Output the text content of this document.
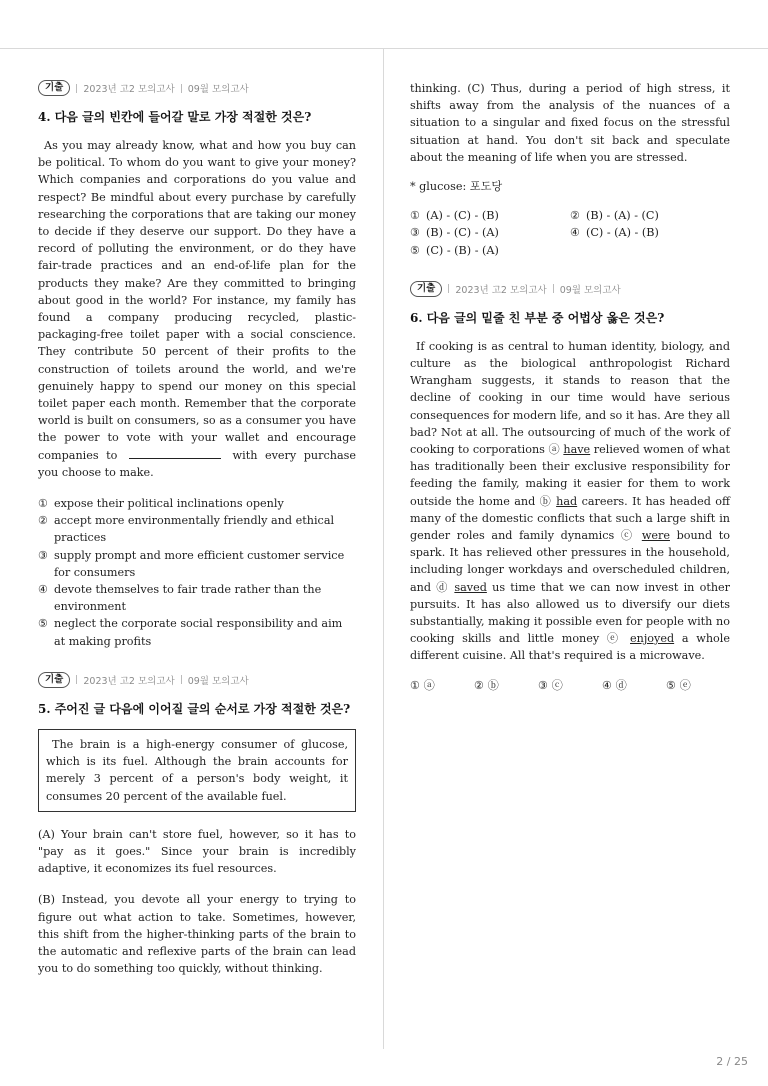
기출	2023년 고2 모의고사 09월 모의고사
4. 다음 글의 빈칸에 들어갈 말로 가장 적절한 것은?
As you may already know, what and how you buy can be political. To whom do you want to give your money? Which companies and corporations do you value and respect? Be mindful about every purchase by carefully researching the corporations that are taking our money to decide if they deserve our support. Do they have a record of polluting the environment, or do they have fair-trade practices and an end-of-life plan for the products they make? Are they committed to bringing about good in the world? For instance, my family has found a company producing recycled, plastic-packaging-free toilet paper with a social conscience. They contribute 50 percent of their profits to the construction of toilets around the world, and we're genuinely happy to spend our money on this special toilet paper each month. Remember that the corporate world is built on consumers, so as a consumer you have the power to vote with your wallet and encourage companies to	with every purchase you choose to make.
① expose their political inclinations openly
② accept more environmentally friendly and ethical practices
③ supply prompt and more efficient customer service for consumers
④ devote themselves to fair trade rather than the environment
⑤ neglect the corporate social responsibility and aim at making profits
기출	2023년 고2 모의고사 09월 모의고사
5. 주어진 글 다음에 이어질 글의 순서로 가장 적절한 것은?
The brain is a high-energy consumer of glucose, which is its fuel. Although the brain accounts for merely 3 percent of a person's body weight, it consumes 20 percent of the available fuel.
(A) Your brain can't store fuel, however, so it has to "pay as it goes." Since your brain is incredibly adaptive, it economizes its fuel resources.
(B) Instead, you devote all your energy to trying to figure out what action to take. Sometimes, however, this shift from the higher-thinking parts of the brain to the automatic and reflexive parts of the brain can lead you to do something too quickly, without thinking.
thinking. (C) Thus, during a period of high stress, it shifts away from the analysis of the nuances of a situation to a singular and fixed focus on the stressful situation at hand. You don't sit back and speculate about the meaning of life when you are stressed.
* glucose: 포도당
① (A) - (C) - (B)	② (B) - (A) - (C)
③ (B) - (C) - (A)	④ (C) - (A) - (B)
⑤ (C) - (B) - (A)
기출	2023년 고2 모의고사 09월 모의고사
6. 다음 글의 밑줄 친 부분 중 어법상 옳은 것은?
If cooking is as central to human identity, biology, and culture as the biological anthropologist Richard Wrangham suggests, it stands to reason that the decline of cooking in our time would have serious consequences for modern life, and so it has. Are they all bad? Not at all. The outsourcing of much of the work of cooking to corporations ⓐ have relieved women of what has traditionally been their exclusive responsibility for feeding the family, making it easier for them to work outside the home and ⓑ had careers. It has headed off many of the domestic conflicts that such a large shift in gender roles and family dynamics ⓒ were bound to spark. It has relieved other pressures in the household, including longer workdays and overscheduled children, and ⓓ saved us time that we can now invest in other pursuits. It has also allowed us to diversify our diets substantially, making it possible even for people with no cooking skills and little money ⓔ enjoyed a whole different cuisine. All that's required is a microwave.
① ⓐ	② ⓑ	③ ⓒ	④ ⓓ	⑤ ⓔ
2 / 25
